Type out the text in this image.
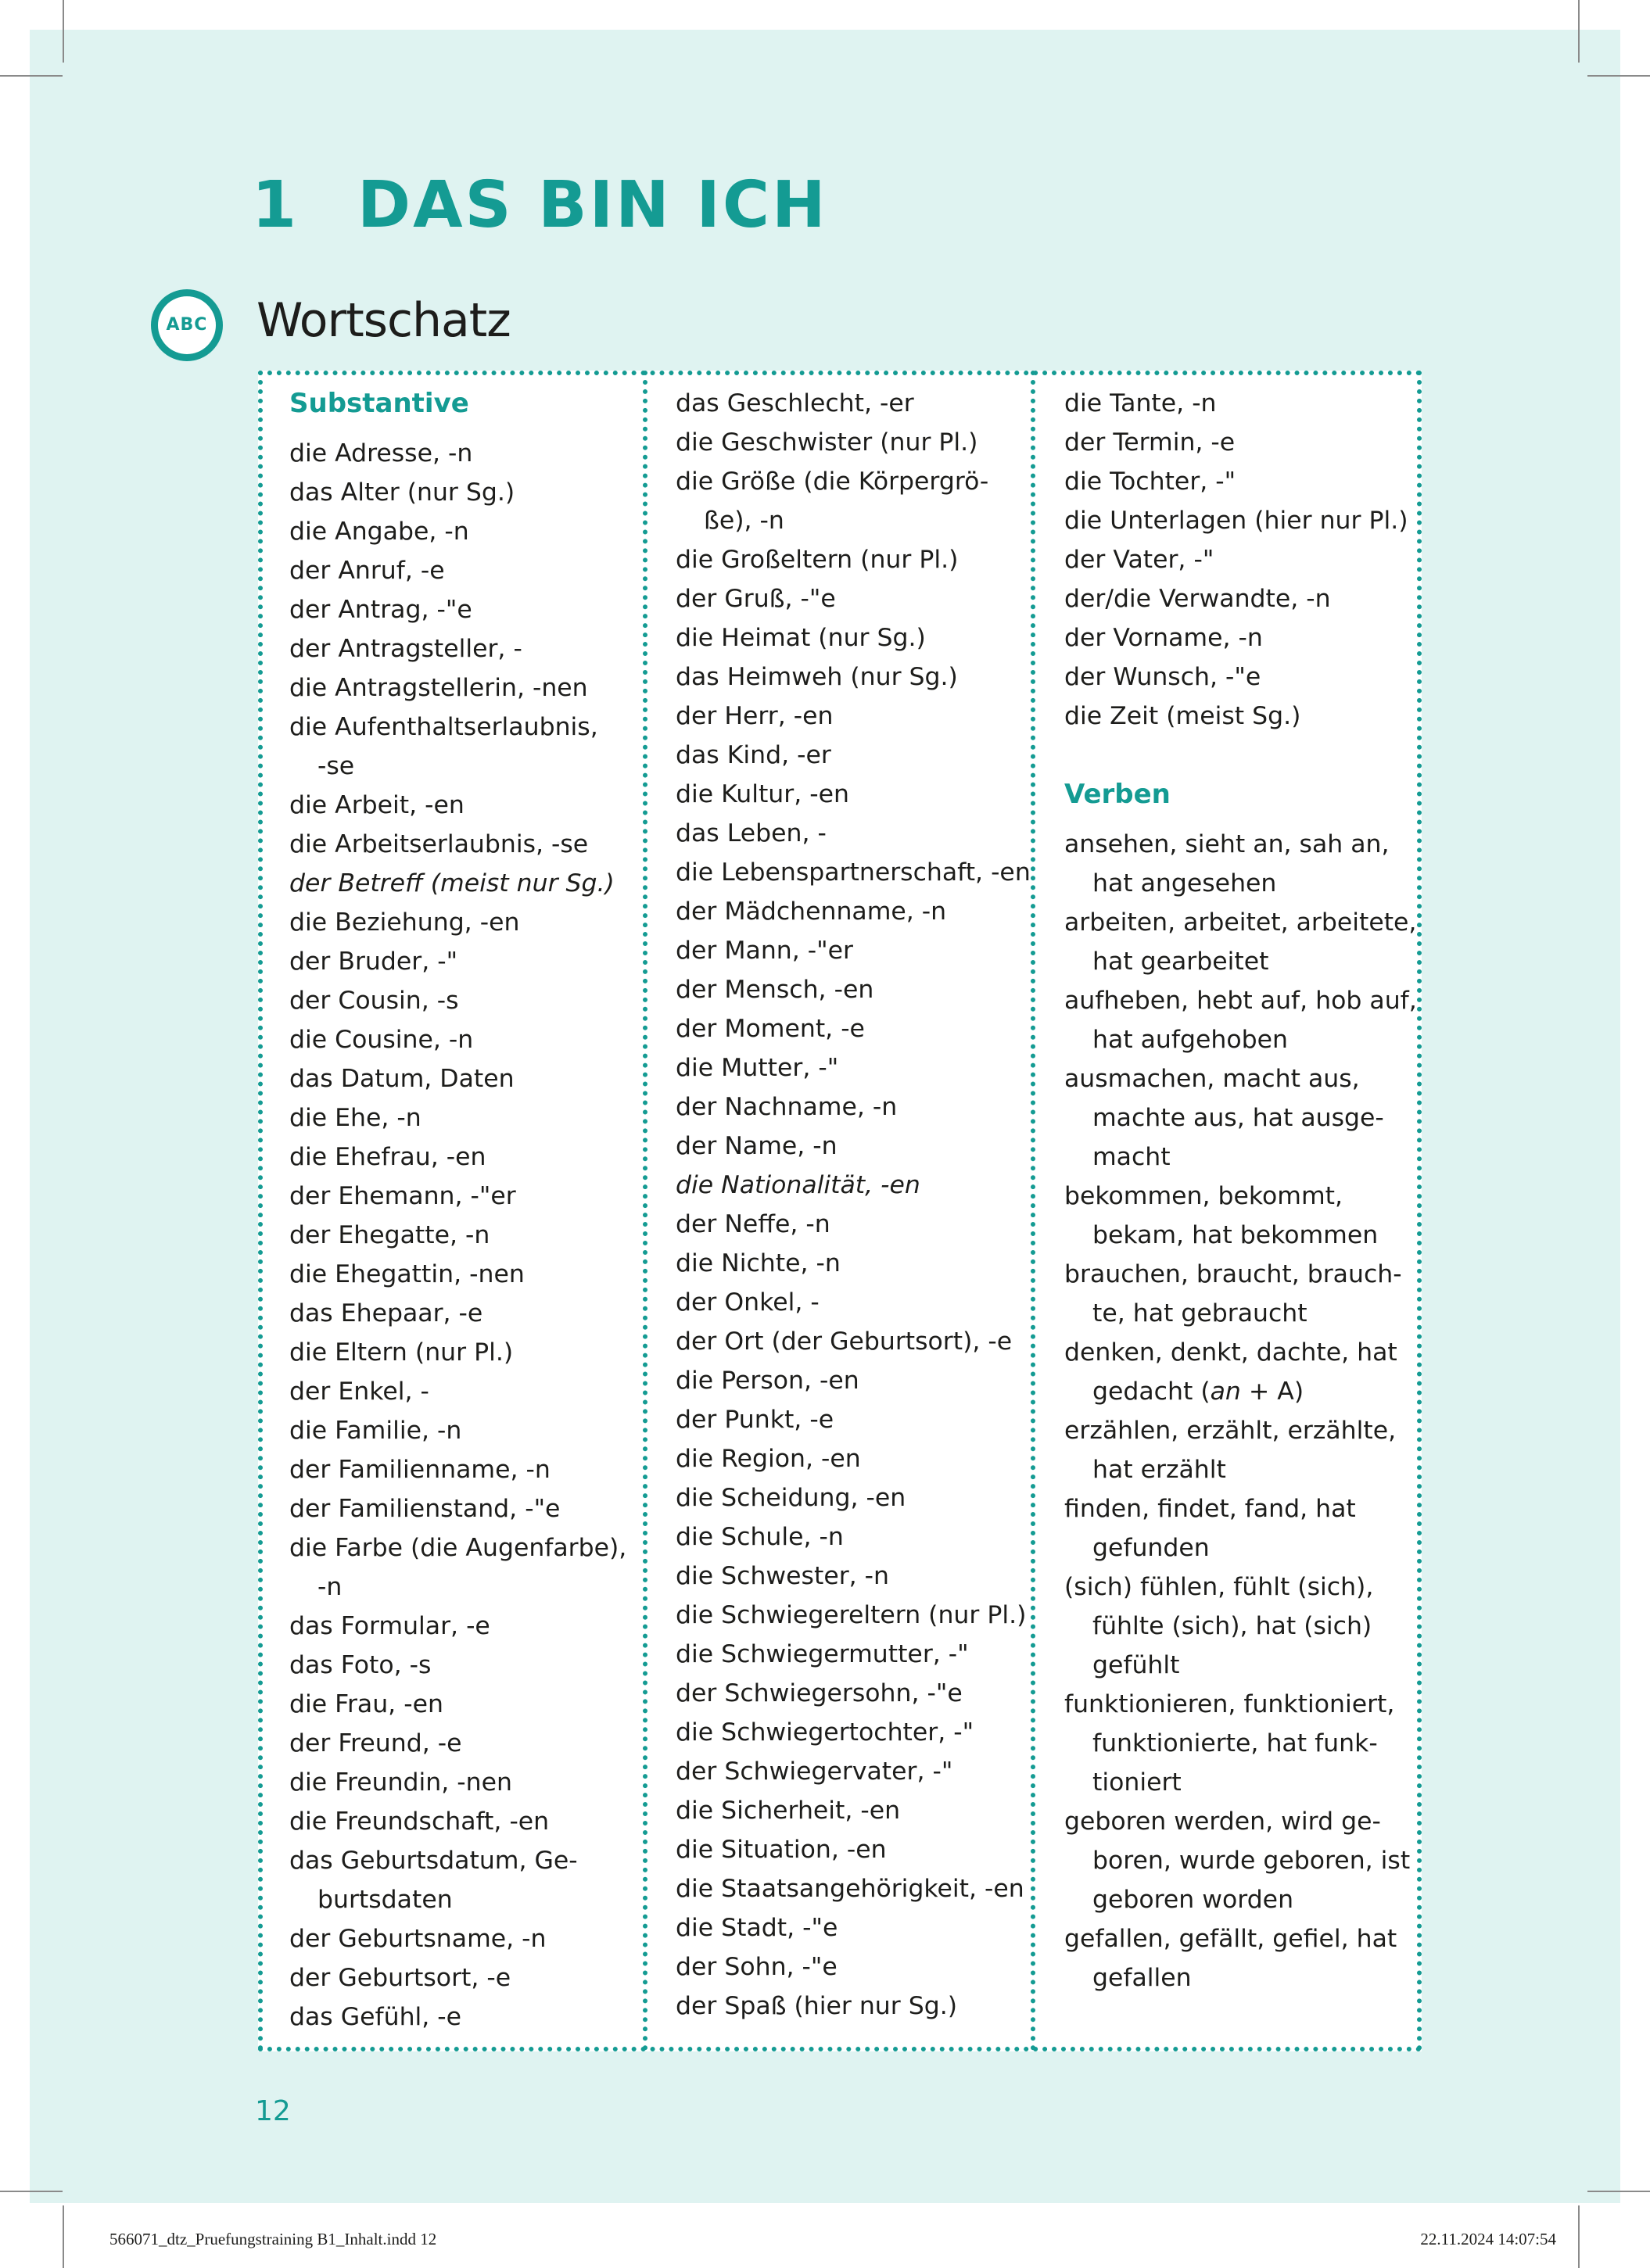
1 DAS BIN ICH
ABC Wortschatz
Substantive
die Adresse, -n
das Alter (nur Sg.)
die Angabe, -n
der Anruf, -e
der Antrag, -"e
der Antragsteller, -
die Antragstellerin, -nen
die Aufenthaltserlaubnis,
-se
die Arbeit, -en
die Arbeitserlaubnis, -se
der Betreff (meist nur Sg.)
die Beziehung, -en
der Bruder, -"
der Cousin, -s
die Cousine, -n
das Datum, Daten
die Ehe, -n
die Ehefrau, -en
der Ehemann, -"er
der Ehegatte, -n
die Ehegattin, -nen
das Ehepaar, -e
die Eltern (nur Pl.)
der Enkel, -
die Familie, -n
der Familienname, -n
der Familienstand, -"e
die Farbe (die Augenfarbe),
-n
das Formular, -e
das Foto, -s
die Frau, -en
der Freund, -e
die Freundin, -nen
die Freundschaft, -en
das Geburtsdatum, Ge-
burtsdaten
der Geburtsname, -n
der Geburtsort, -e
das Gefühl, -e
das Geschlecht, -er
die Geschwister (nur Pl.)
die Größe (die Körpergrö-
ße), -n
die Großeltern (nur Pl.)
der Gruß, -"e
die Heimat (nur Sg.)
das Heimweh (nur Sg.)
der Herr, -en
das Kind, -er
die Kultur, -en
das Leben, -
die Lebenspartnerschaft, -en
der Mädchenname, -n
der Mann, -"er
der Mensch, -en
der Moment, -e
die Mutter, -"
der Nachname, -n
der Name, -n
die Nationalität, -en
der Neffe, -n
die Nichte, -n
der Onkel, -
der Ort (der Geburtsort), -e
die Person, -en
der Punkt, -e
die Region, -en
die Scheidung, -en
die Schule, -n
die Schwester, -n
die Schwiegereltern (nur Pl.)
die Schwiegermutter, -"
der Schwiegersohn, -"e
die Schwiegertochter, -"
der Schwiegervater, -"
die Sicherheit, -en
die Situation, -en
die Staatsangehörigkeit, -en
die Stadt, -"e
der Sohn, -"e
der Spaß (hier nur Sg.)
die Tante, -n
der Termin, -e
die Tochter, -"
die Unterlagen (hier nur Pl.)
der Vater, -"
der/die Verwandte, -n
der Vorname, -n
der Wunsch, -"e
die Zeit (meist Sg.)
Verben
ansehen, sieht an, sah an,
hat angesehen
arbeiten, arbeitet, arbeitete,
hat gearbeitet
aufheben, hebt auf, hob auf,
hat aufgehoben
ausmachen, macht aus,
machte aus, hat ausge-
macht
bekommen, bekommt,
bekam, hat bekommen
brauchen, braucht, brauch-
te, hat gebraucht
denken, denkt, dachte, hat
gedacht (an + A)
erzählen, erzählt, erzählte,
hat erzählt
finden, findet, fand, hat
gefunden
(sich) fühlen, fühlt (sich),
fühlte (sich), hat (sich)
gefühlt
funktionieren, funktioniert,
funktionierte, hat funk-
tioniert
geboren werden, wird ge-
boren, wurde geboren, ist
geboren worden
gefallen, gefällt, gefiel, hat
gefallen
12
566071_dtz_Pruefungstraining B1_Inhalt.indd 12	22.11.2024 14:07:54
